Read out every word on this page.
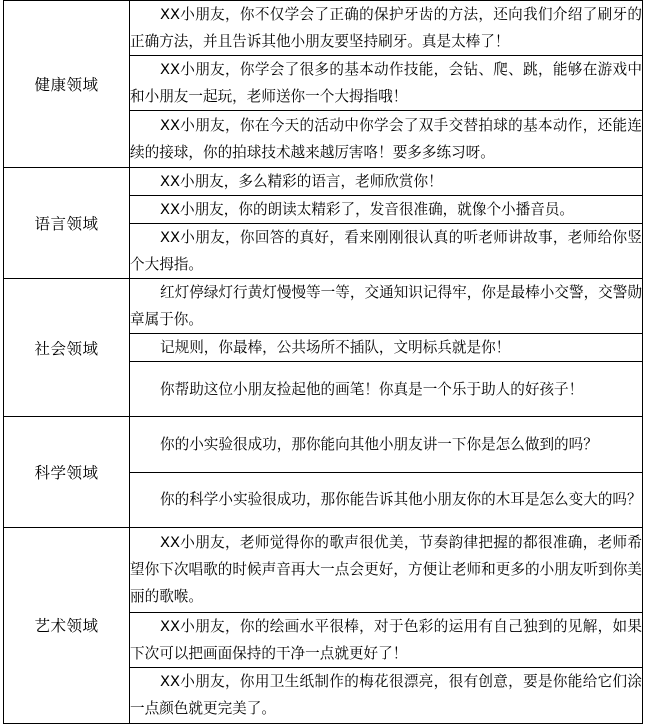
健康领域	XX小朋友，你不仅学会了正确的保护牙齿的方法，还向我们介绍了刷牙的正确方法，并且告诉其他小朋友要坚持刷牙。真是太棒了！
	XX小朋友，你学会了很多的基本动作技能，会钻、爬、跳，能够在游戏中和小朋友一起玩，老师送你一个大拇指哦！
	XX小朋友，你在今天的活动中你学会了双手交替拍球的基本动作，还能连续的接球，你的拍球技术越来越厉害咯！要多多练习呀。
语言领域	XX小朋友，多么精彩的语言，老师欣赏你！
	XX小朋友，你的朗读太精彩了，发音很准确，就像个小播音员。
	XX小朋友，你回答的真好，看来刚刚很认真的听老师讲故事，老师给你竖个大拇指。
社会领域	红灯停绿灯行黄灯慢慢等一等，交通知识记得牢，你是最棒小交警，交警勋章属于你。
	记规则，你最棒，公共场所不插队，文明标兵就是你！
	你帮助这位小朋友捡起他的画笔！你真是一个乐于助人的好孩子！
科学领域	你的小实验很成功，那你能向其他小朋友讲一下你是怎么做到的吗？
	你的科学小实验很成功，那你能告诉其他小朋友你的木耳是怎么变大的吗？
艺术领域	XX小朋友，老师觉得你的歌声很优美，节奏韵律把握的都很准确，老师希望你下次唱歌的时候声音再大一点会更好，方便让老师和更多的小朋友听到你美丽的歌喉。
	XX小朋友，你的绘画水平很棒，对于色彩的运用有自己独到的见解，如果下次可以把画面保持的干净一点就更好了！
	XX小朋友，你用卫生纸制作的梅花很漂亮，很有创意，要是你能给它们涂一点颜色就更完美了。
